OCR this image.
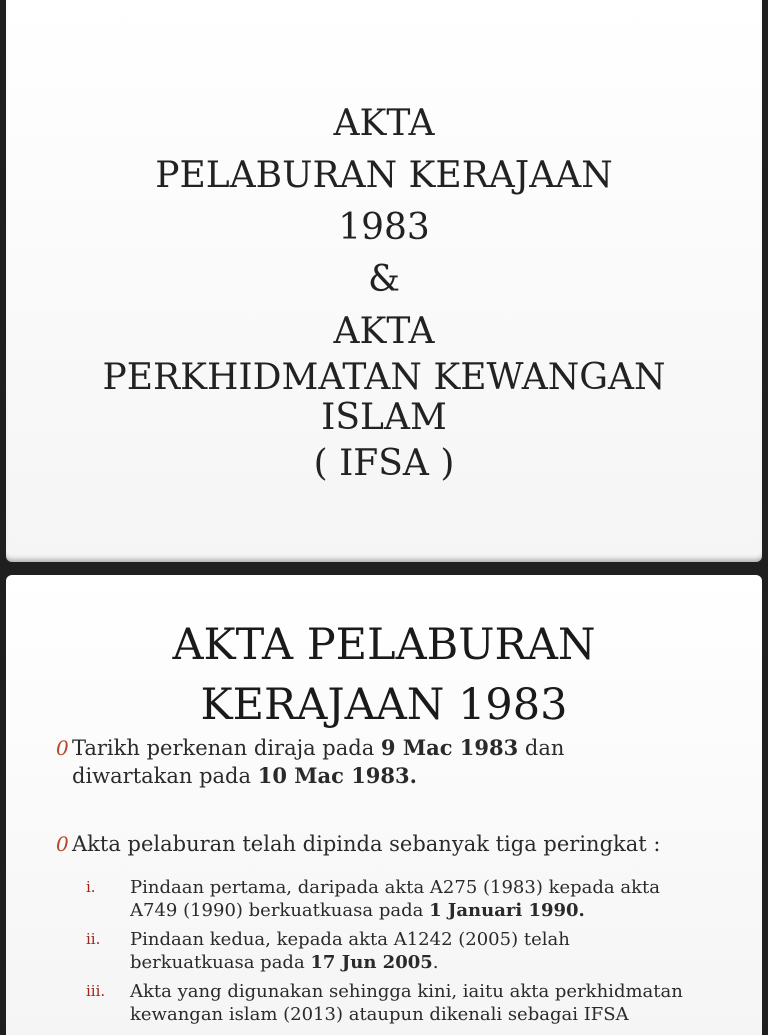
AKTA
PELABURAN KERAJAAN
1983
&
AKTA
PERKHIDMATAN KEWANGAN
ISLAM
( IFSA )
AKTA PELABURAN
KERAJAAN 1983
0 Tarikh perkenan diraja pada 9 Mac 1983 dan
diwartakan pada 10 Mac 1983.
0 Akta pelaburan telah dipinda sebanyak tiga peringkat :
i.	Pindaan pertama, daripada akta A275 (1983) kepada akta
A749 (1990) berkuatkuasa pada 1 Januari 1990.
ii.	Pindaan kedua, kepada akta A1242 (2005) telah
berkuatkuasa pada 17 Jun 2005.
iii.	Akta yang digunakan sehingga kini, iaitu akta perkhidmatan
kewangan islam (2013) ataupun dikenali sebagai IFSA
